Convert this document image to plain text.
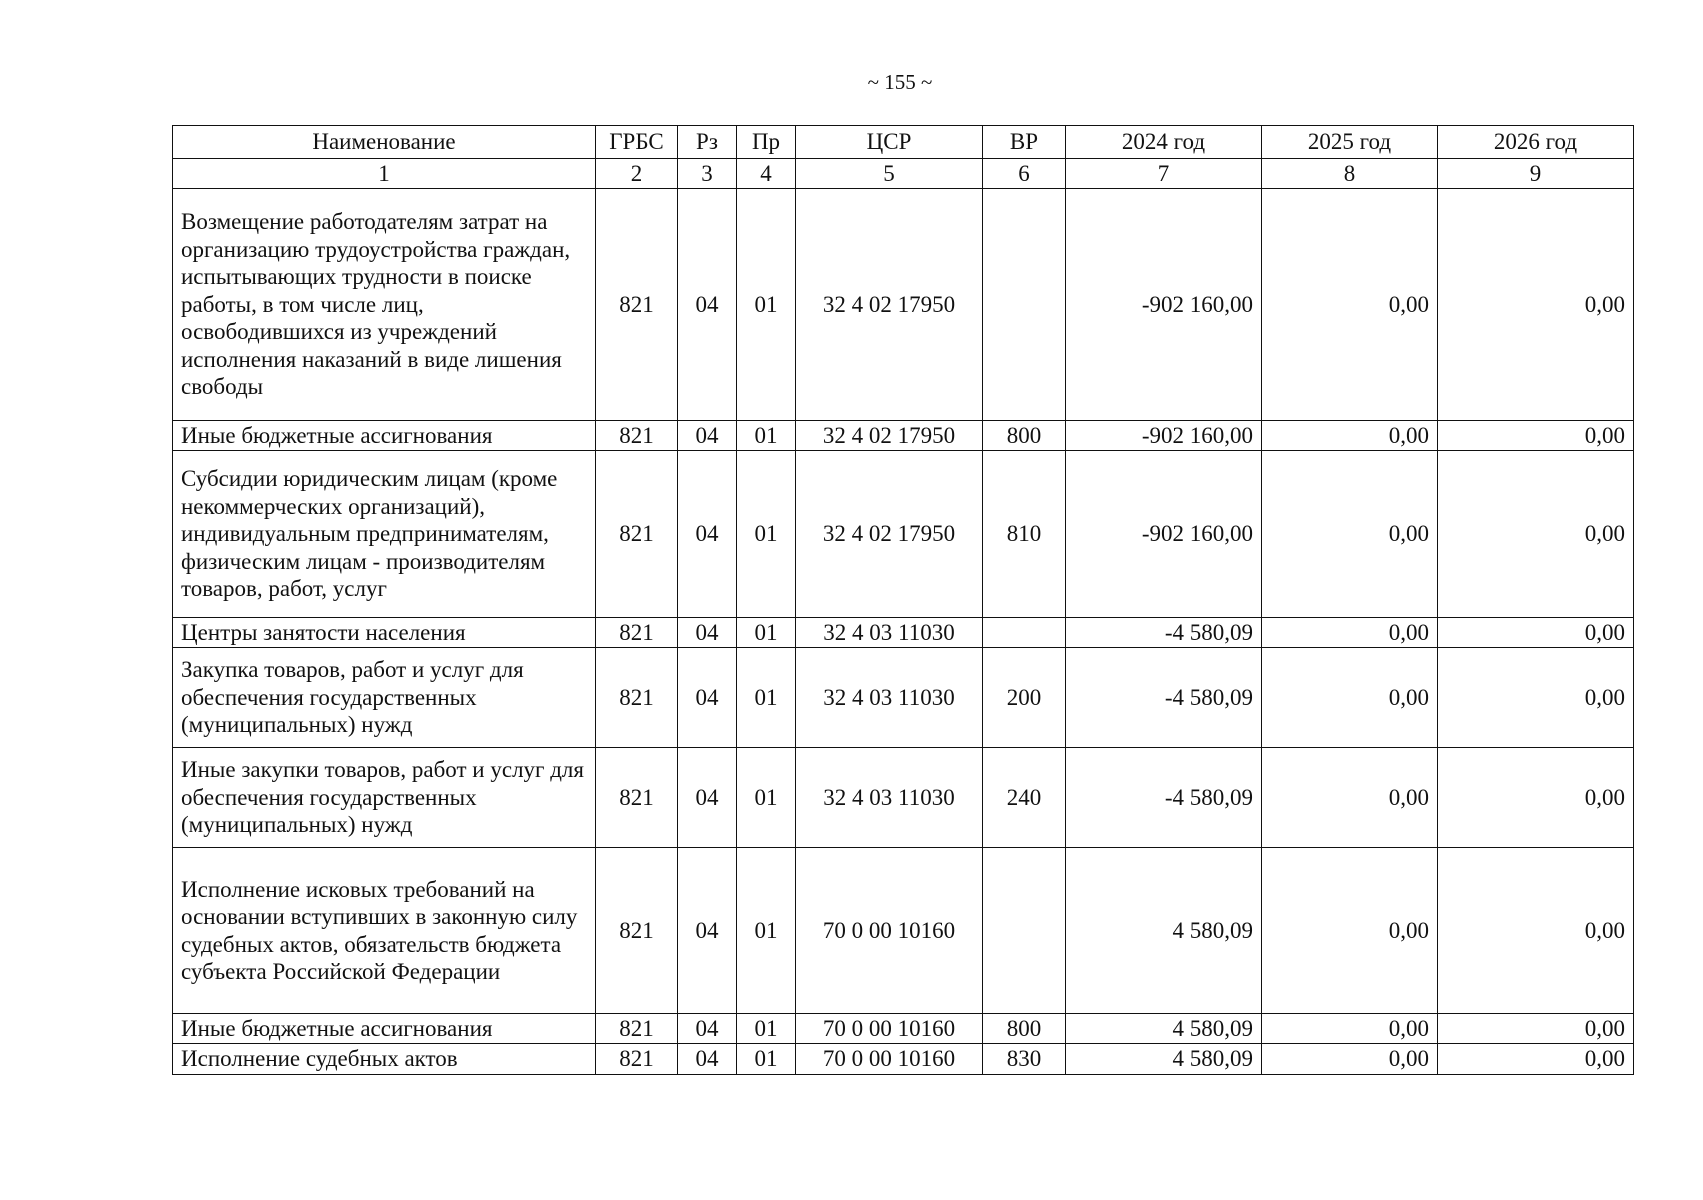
~ 155 ~
Наименование	ГРБС	Рз	Пр	ЦСР	ВР	2024 год	2025 год	2026 год
1	2	3	4	5	6	7	8	9
Возмещение работодателям затрат на организацию трудоустройства граждан, испытывающих трудности в поиске работы, в том числе лиц, освободившихся из учреждений исполнения наказаний в виде лишения свободы	821	04	01	32 4 02 17950		-902 160,00	0,00	0,00
Иные бюджетные ассигнования	821	04	01	32 4 02 17950	800	-902 160,00	0,00	0,00
Субсидии юридическим лицам (кроме некоммерческих организаций), индивидуальным предпринимателям, физическим лицам - производителям товаров, работ, услуг	821	04	01	32 4 02 17950	810	-902 160,00	0,00	0,00
Центры занятости населения	821	04	01	32 4 03 11030		-4 580,09	0,00	0,00
Закупка товаров, работ и услуг для обеспечения государственных (муниципальных) нужд	821	04	01	32 4 03 11030	200	-4 580,09	0,00	0,00
Иные закупки товаров, работ и услуг для обеспечения государственных (муниципальных) нужд	821	04	01	32 4 03 11030	240	-4 580,09	0,00	0,00
Исполнение исковых требований на основании вступивших в законную силу судебных актов, обязательств бюджета субъекта Российской Федерации	821	04	01	70 0 00 10160		4 580,09	0,00	0,00
Иные бюджетные ассигнования	821	04	01	70 0 00 10160	800	4 580,09	0,00	0,00
Исполнение судебных актов	821	04	01	70 0 00 10160	830	4 580,09	0,00	0,00
